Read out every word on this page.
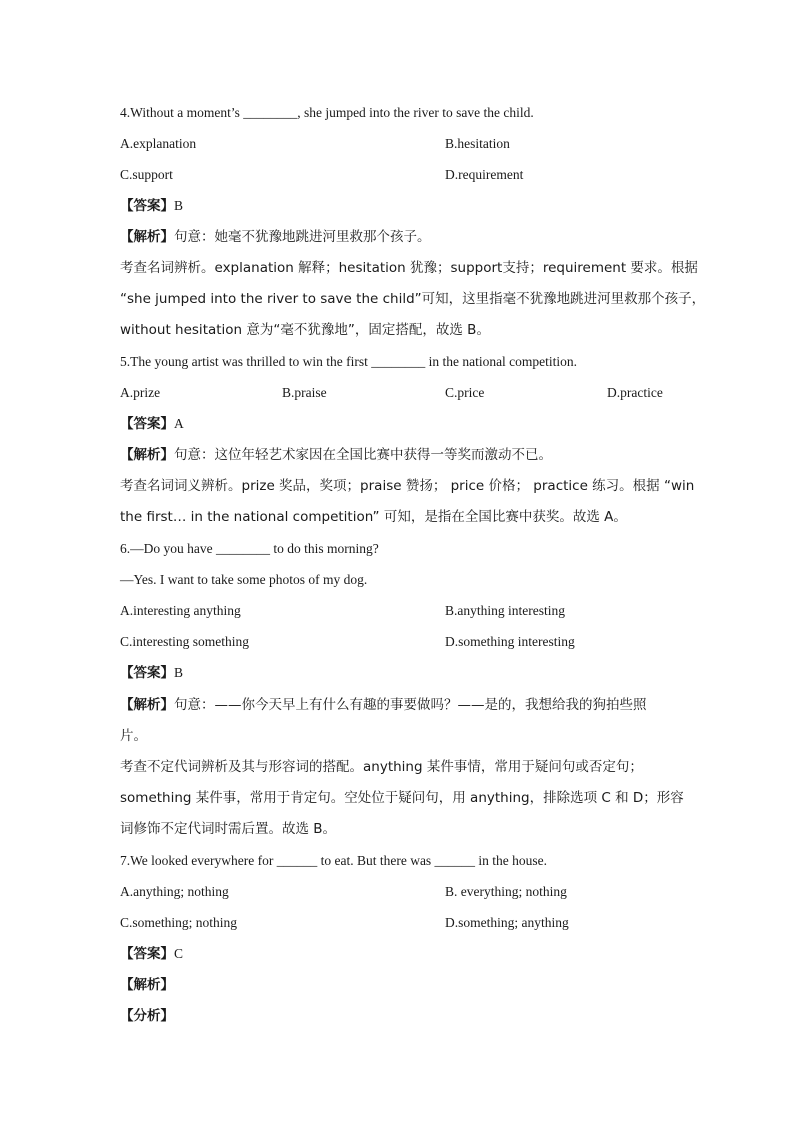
4.Without a moment’s ________, she jumped into the river to save the child.
A.explanation	B.hesitation
C.support	D.requirement
【答案】B
【解析】句意：她毫不犹豫地跳进河里救那个孩子。
考查名词辨析。explanation 解释；hesitation 犹豫；support支持；requirement 要求。根据
“she jumped into the river to save the child”可知，这里指毫不犹豫地跳进河里救那个孩子，
without hesitation 意为“毫不犹豫地”，固定搭配，故选 B。
5.The young artist was thrilled to win the first ________ in the national competition.
A.prize	B.praise	C.price	D.practice
【答案】A
【解析】句意：这位年轻艺术家因在全国比赛中获得一等奖而激动不已。
考查名词词义辨析。prize 奖品，奖项；praise 赞扬； price 价格； practice 练习。根据 “win
the first… in the national competition” 可知，是指在全国比赛中获奖。故选 A。
6.—Do you have ________ to do this morning?
—Yes. I want to take some photos of my dog.
A.interesting anything	B.anything interesting
C.interesting something	D.something interesting
【答案】B
【解析】句意：——你今天早上有什么有趣的事要做吗？——是的，我想给我的狗拍些照
片。
考查不定代词辨析及其与形容词的搭配。anything 某件事情，常用于疑问句或否定句；
something 某件事，常用于肯定句。空处位于疑问句，用 anything，排除选项 C 和 D；形容
词修饰不定代词时需后置。故选 B。
7.We looked everywhere for ______ to eat. But there was ______ in the house.
A.anything; nothing	B. everything; nothing
C.something; nothing	D.something; anything
【答案】C
【解析】
【分析】
